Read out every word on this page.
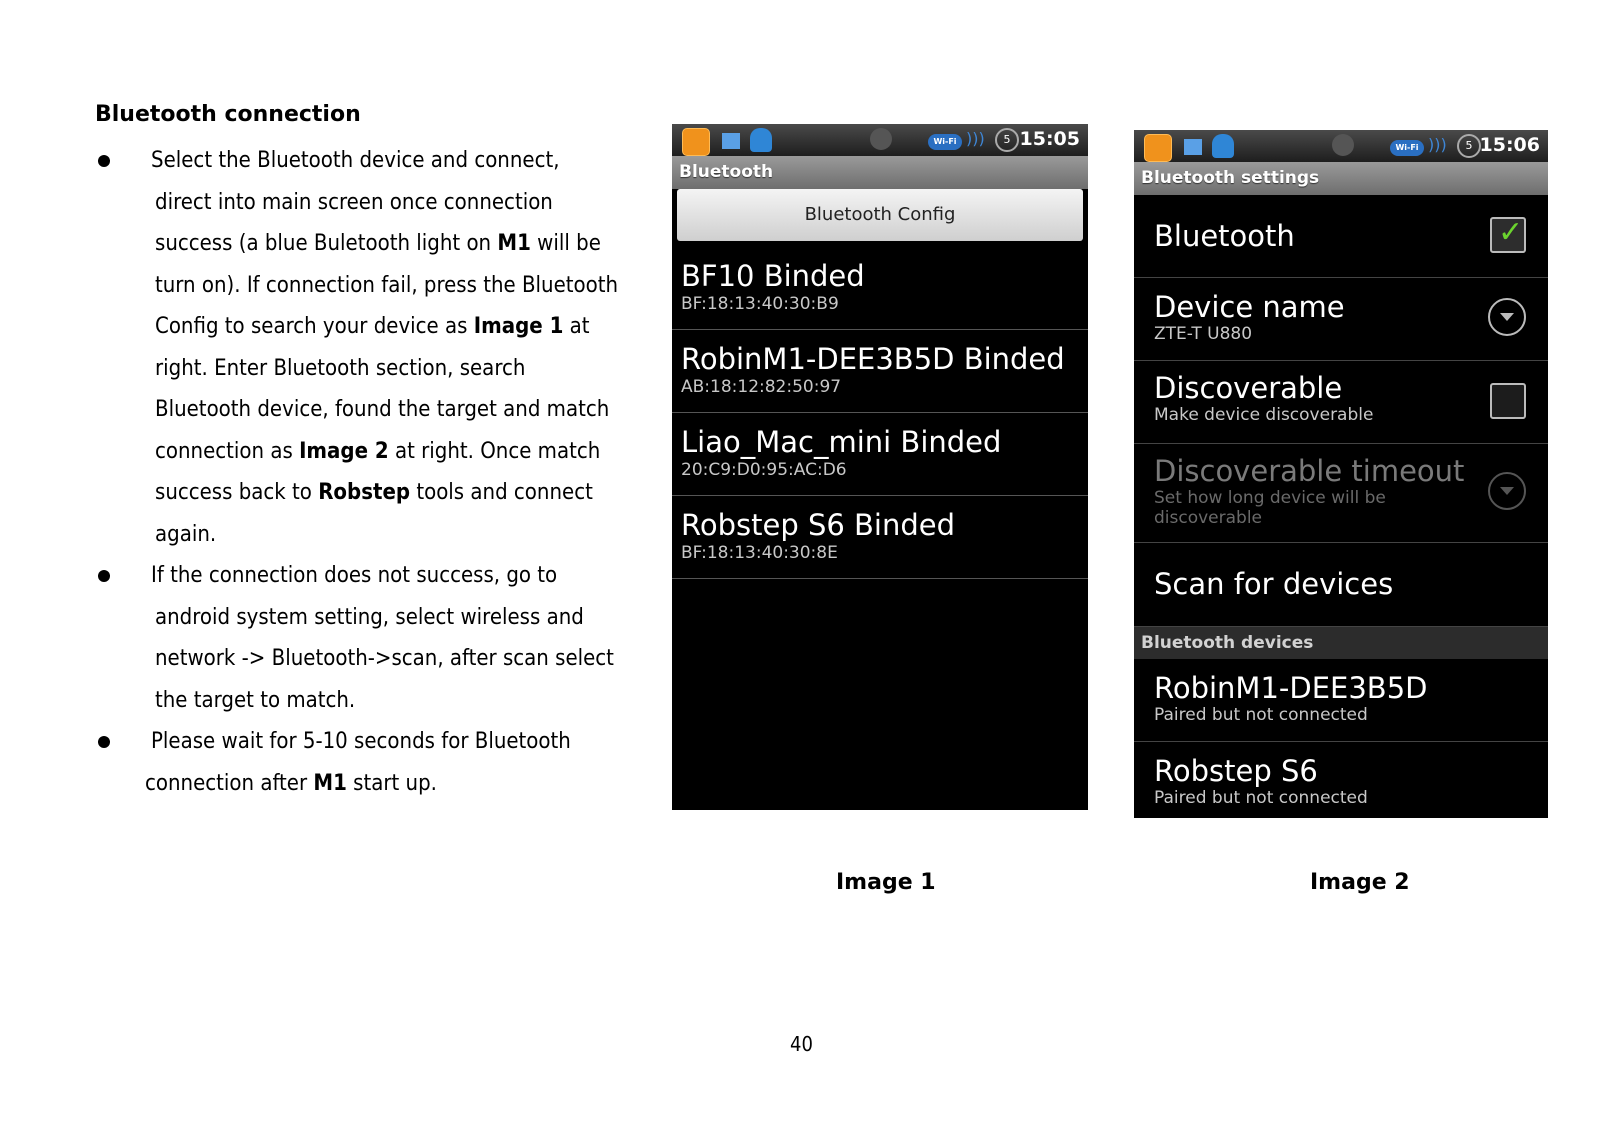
Bluetooth connection

Select the Bluetooth device and connect,
direct into main screen once connection
success (a blue Buletooth light on M1 will be
turn on). If connection fail, press the Bluetooth
Config to search your device as Image 1 at
right. Enter Bluetooth section, search
Bluetooth device, found the target and match
connection as Image 2 at right. Once match
success back to Robstep tools and connect
again.
If the connection does not success, go to
android system setting, select wireless and
network -> Bluetooth->scan, after scan select
the target to match.
Please wait for 5-10 seconds for Bluetooth
connection after M1 start up.
Wi-Fi )))	5 15:05
Bluetooth
Bluetooth Config
BF10 Binded
BF:18:13:40:30:B9
RobinM1-DEE3B5D Binded
AB:18:12:82:50:97
Liao_Mac_mini Binded
20:C9:D0:95:AC:D6
Robstep S6 Binded
BF:18:13:40:30:8E
Wi-Fi )))	5 15:06
Bluetooth settings
Bluetooth	✓
Device name
ZTE-T U880
Discoverable
Make device discoverable
Discoverable timeout
Set how long device will be
discoverable
Scan for devices
Bluetooth devices
RobinM1-DEE3B5D
Paired but not connected
Robstep S6
Paired but not connected
Image 1	Image 2
40
